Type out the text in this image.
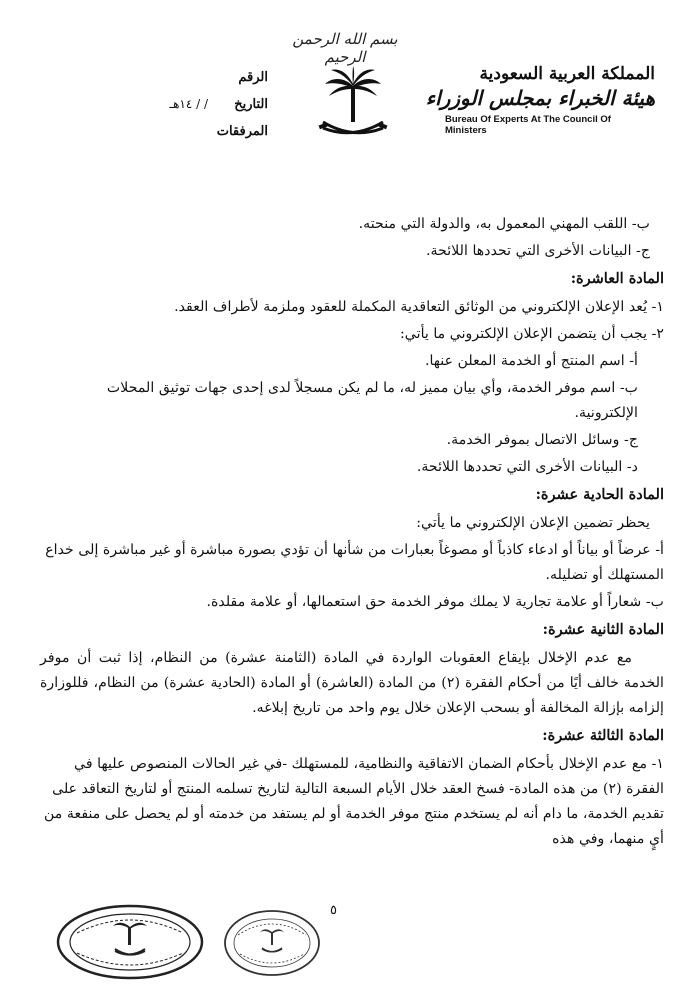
بسم الله الرحمن الرحيم
الرقم
التاريخ
/ / ١٤هـ
المرفقات
المملكة العربية السعودية
هيئة الخبراء بمجلس الوزراء
Bureau Of Experts At The Council Of Ministers
ب- اللقب المهني المعمول به، والدولة التي منحته.
ج- البيانات الأخرى التي تحددها اللائحة.
المادة العاشرة:
١- يُعد الإعلان الإلكتروني من الوثائق التعاقدية المكملة للعقود وملزمة لأطراف العقد.
٢- يجب أن يتضمن الإعلان الإلكتروني ما يأتي:
أ- اسم المنتج أو الخدمة المعلن عنها.
ب- اسم موفر الخدمة، وأي بيان مميز له، ما لم يكن مسجلاً لدى إحدى جهات توثيق المحلات الإلكترونية.
ج- وسائل الاتصال بموفر الخدمة.
د- البيانات الأخرى التي تحددها اللائحة.
المادة الحادية عشرة:
يحظر تضمين الإعلان الإلكتروني ما يأتي:
أ- عرضاً أو بياناً أو ادعاء كاذباً أو مصوغاً بعبارات من شأنها أن تؤدي بصورة مباشرة أو غير مباشرة إلى خداع المستهلك أو تضليله.
ب- شعاراً أو علامة تجارية لا يملك موفر الخدمة حق استعمالها، أو علامة مقلدة.
المادة الثانية عشرة:
مع عدم الإخلال بإيقاع العقوبات الواردة في المادة (الثامنة عشرة) من النظام، إذا ثبت أن موفر الخدمة خالف أيًا من أحكام الفقرة (٢) من المادة (العاشرة) أو المادة (الحادية عشرة) من النظام، فللوزارة إلزامه بإزالة المخالفة أو بسحب الإعلان خلال يوم واحد من تاريخ إبلاغه.
المادة الثالثة عشرة:
١- مع عدم الإخلال بأحكام الضمان الاتفاقية والنظامية، للمستهلك -في غير الحالات المنصوص عليها في الفقرة (٢) من هذه المادة- فسخ العقد خلال الأيام السبعة التالية لتاريخ تسلمه المنتج أو لتاريخ التعاقد على تقديم الخدمة، ما دام أنه لم يستخدم منتج موفر الخدمة أو لم يستفد من خدمته أو لم يحصل على منفعة من أيٍ منهما، وفي هذه
٥
